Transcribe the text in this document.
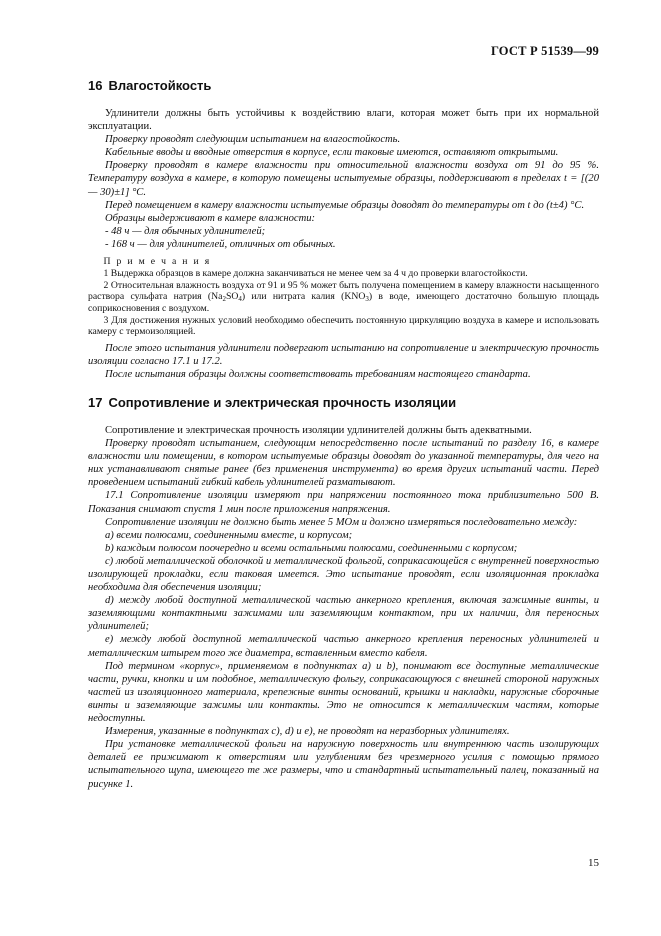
ГОСТ Р 51539—99
16 Влагостойкость

Удлинители должны быть устойчивы к воздействию влаги, которая может быть при их нормальной эксплуатации.

Проверку проводят следующим испытанием на влагостойкость.

Кабельные вводы и вводные отверстия в корпусе, если таковые имеются, оставляют открытыми.

Проверку проводят в камере влажности при относительной влажности воздуха от 91 до 95 %. Температуру воздуха в камере, в которую помещены испытуемые образцы, поддерживают в пределах t = [(20 — 30)±1] °С.

Перед помещением в камеру влажности испытуемые образцы доводят до температуры от t до (t±4) °С.

Образцы выдерживают в камере влажности:

- 48 ч — для обычных удлинителей;

- 168 ч — для удлинителей, отличных от обычных.

П р и м е ч а н и я

1 Выдержка образцов в камере должна заканчиваться не менее чем за 4 ч до проверки влагостойкости.

2 Относительная влажность воздуха от 91 и 95 % может быть получена помещением в камеру влажности насыщенного раствора сульфата натрия $(Na_2SO_4)$ или нитрата калия $(KNO_3)$ в воде, имеющего достаточно большую площадь соприкосновения с воздухом.

3 Для достижения нужных условий необходимо обеспечить постоянную циркуляцию воздуха в камере и использовать камеру с термоизоляцией.

После этого испытания удлинители подвергают испытанию на сопротивление и электрическую прочность изоляции согласно 17.1 и 17.2.

После испытания образцы должны соответствовать требованиям настоящего стандарта.

17 Сопротивление и электрическая прочность изоляции

Сопротивление и электрическая прочность изоляции удлинителей должны быть адекватными.

Проверку проводят испытанием, следующим непосредственно после испытаний по разделу 16, в камере влажности или помещении, в котором испытуемые образцы доводят до указанной температуры, для чего на них устанавливают снятые ранее (без применения инструмента) во время других испытаний части. Перед проведением испытаний гибкий кабель удлинителей разматывают.

17.1 Сопротивление изоляции измеряют при напряжении постоянного тока приблизительно 500 В. Показания снимают спустя 1 мин после приложения напряжения.

Сопротивление изоляции не должно быть менее 5 МОм и должно измеряться последовательно между:

a) всеми полюсами, соединенными вместе, и корпусом;

b) каждым полюсом поочередно и всеми остальными полюсами, соединенными с корпусом;

c) любой металлической оболочкой и металлической фольгой, соприкасающейся с внутренней поверхностью изолирующей прокладки, если таковая имеется. Это испытание проводят, если изоляционная прокладка необходима для обеспечения изоляции;

d) между любой доступной металлической частью анкерного крепления, включая зажимные винты, и заземляющими контактными зажимами или заземляющим контактом, при их наличии, для переносных удлинителей;

e) между любой доступной металлической частью анкерного крепления переносных удлинителей и металлическим штырем того же диаметра, вставленным вместо кабеля.

Под термином «корпус», применяемом в подпунктах a) и b), понимают все доступные металлические части, ручки, кнопки и им подобное, металлическую фольгу, соприкасающуюся с внешней стороной наружных частей из изоляционного материала, крепежные винты оснований, крышки и накладки, наружные сборочные винты и заземляющие зажимы или контакты. Это не относится к металлическим частям, которые недоступны.

Измерения, указанные в подпунктах c), d) и e), не проводят на неразборных удлинителях.

При установке металлической фольги на наружную поверхность или внутреннюю часть изолирующих деталей ее прижимают к отверстиям или углублениям без чрезмерного усилия с помощью прямого испытательного щупа, имеющего те же размеры, что и стандартный испытательный палец, показанный на рисунке 1.

15
